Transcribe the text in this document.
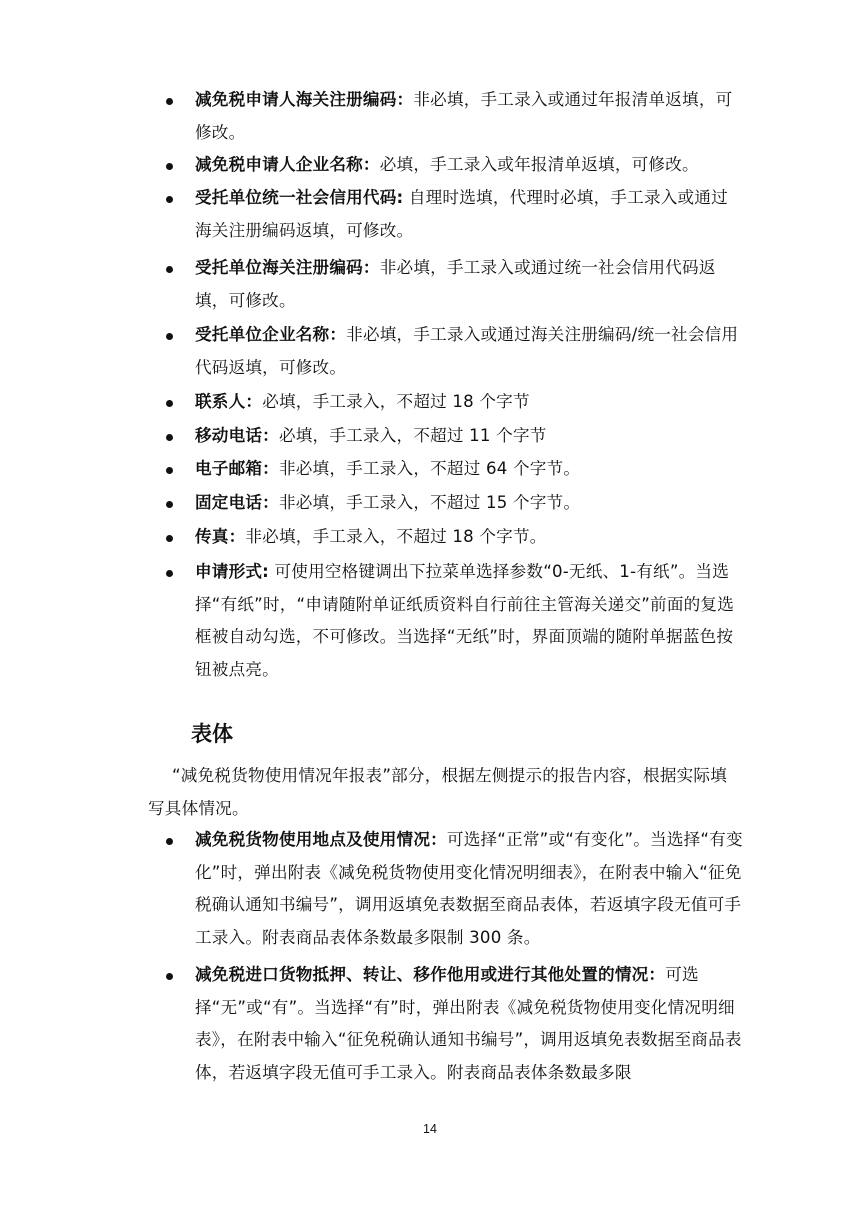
减免税申请人海关注册编码：非必填，手工录入或通过年报清单返填，可修改。

减免税申请人企业名称：必填，手工录入或年报清单返填，可修改。

受托单位统一社会信用代码: 自理时选填，代理时必填，手工录入或通过海关注册编码返填，可修改。

受托单位海关注册编码：非必填，手工录入或通过统一社会信用代码返填，可修改。

受托单位企业名称：非必填，手工录入或通过海关注册编码/统一社会信用代码返填，可修改。

联系人：必填，手工录入，不超过 18 个字节

移动电话：必填，手工录入，不超过 11 个字节

电子邮箱：非必填，手工录入，不超过 64 个字节。

固定电话：非必填，手工录入，不超过 15 个字节。

传真：非必填，手工录入，不超过 18 个字节。

申请形式: 可使用空格键调出下拉菜单选择参数“0-无纸、1-有纸”。当选择“有纸”时，“申请随附单证纸质资料自行前往主管海关递交”前面的复选框被自动勾选，不可修改。当选择“无纸”时，界面顶端的随附单据蓝色按钮被点亮。

表体

“减免税货物使用情况年报表”部分，根据左侧提示的报告内容，根据实际填写具体情况。

减免税货物使用地点及使用情况：可选择“正常”或“有变化”。当选择“有变化”时，弹出附表《减免税货物使用变化情况明细表》，在附表中输入“征免税确认通知书编号”，调用返填免表数据至商品表体，若返填字段无值可手工录入。附表商品表体条数最多限制 300 条。

减免税进口货物抵押、转让、移作他用或进行其他处置的情况：可选择“无”或“有”。当选择“有”时，弹出附表《减免税货物使用变化情况明细表》，在附表中输入“征免税确认通知书编号”，调用返填免表数据至商品表体，若返填字段无值可手工录入。附表商品表体条数最多限

14
